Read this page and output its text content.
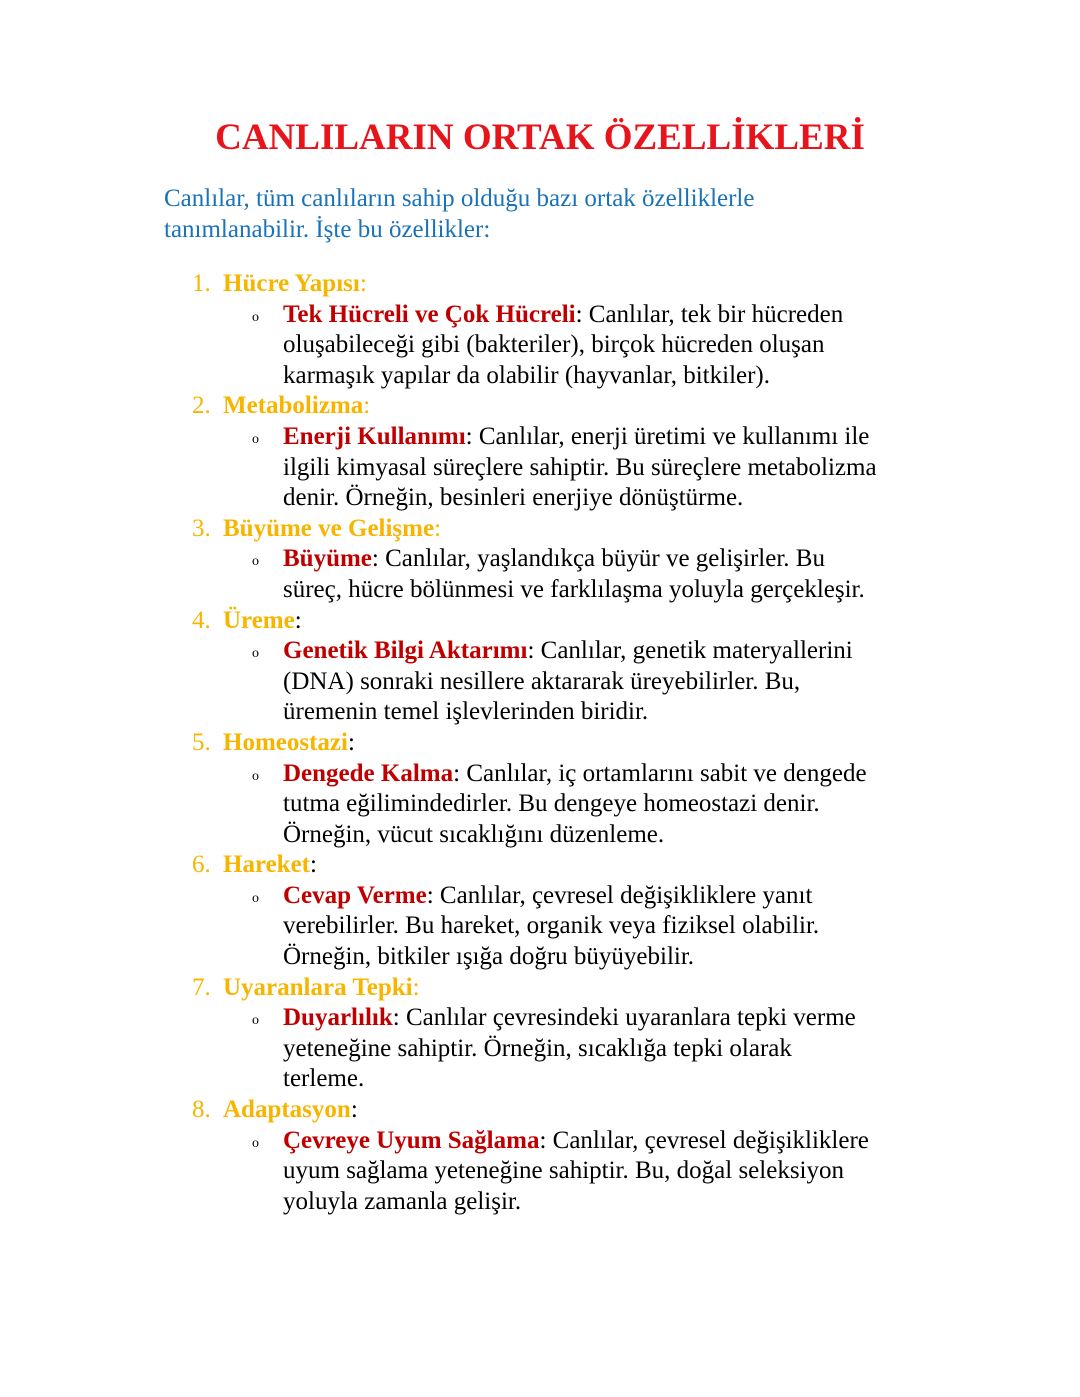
CANLILARIN ORTAK ÖZELLİKLERİ

Canlılar, tüm canlıların sahip olduğu bazı ortak özelliklerle
tanımlanabilir. İşte bu özellikler:

1. Hücre Yapısı:
o Tek Hücreli ve Çok Hücreli: Canlılar, tek bir hücreden
oluşabileceği gibi (bakteriler), birçok hücreden oluşan
karmaşık yapılar da olabilir (hayvanlar, bitkiler).
2. Metabolizma:
o Enerji Kullanımı: Canlılar, enerji üretimi ve kullanımı ile
ilgili kimyasal süreçlere sahiptir. Bu süreçlere metabolizma
denir. Örneğin, besinleri enerjiye dönüştürme.
3. Büyüme ve Gelişme:
o Büyüme: Canlılar, yaşlandıkça büyür ve gelişirler. Bu
süreç, hücre bölünmesi ve farklılaşma yoluyla gerçekleşir.
4. Üreme:
o Genetik Bilgi Aktarımı: Canlılar, genetik materyallerini
(DNA) sonraki nesillere aktararak üreyebilirler. Bu,
üremenin temel işlevlerinden biridir.
5. Homeostazi:
o Dengede Kalma: Canlılar, iç ortamlarını sabit ve dengede
tutma eğilimindedirler. Bu dengeye homeostazi denir.
Örneğin, vücut sıcaklığını düzenleme.
6. Hareket:
o Cevap Verme: Canlılar, çevresel değişikliklere yanıt
verebilirler. Bu hareket, organik veya fiziksel olabilir.
Örneğin, bitkiler ışığa doğru büyüyebilir.
7. Uyaranlara Tepki:
o Duyarlılık: Canlılar çevresindeki uyaranlara tepki verme
yeteneğine sahiptir. Örneğin, sıcaklığa tepki olarak
terleme.
8. Adaptasyon:
o Çevreye Uyum Sağlama: Canlılar, çevresel değişikliklere
uyum sağlama yeteneğine sahiptir. Bu, doğal seleksiyon
yoluyla zamanla gelişir.
